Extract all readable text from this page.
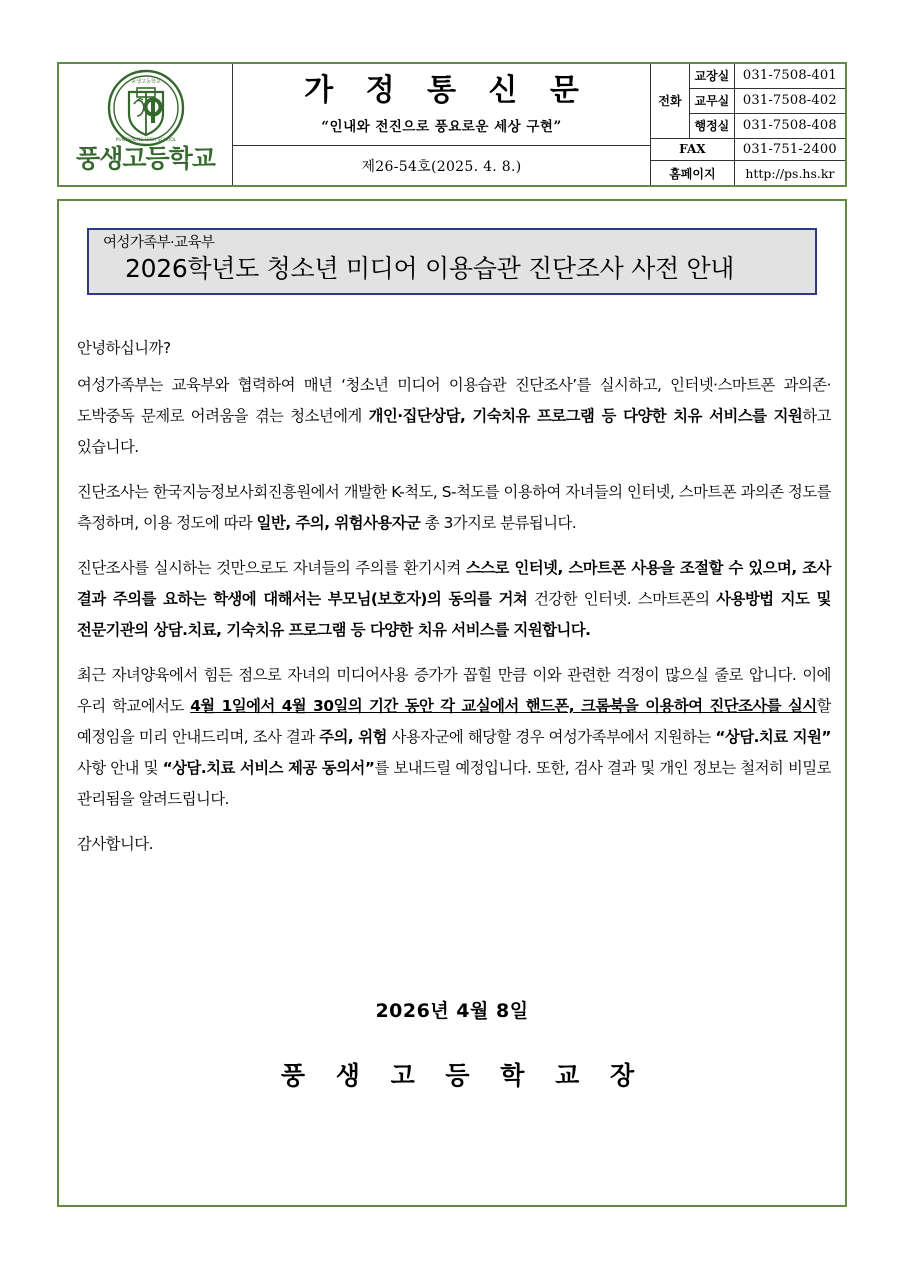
풍생고등학교
PUNGSAENG HIGH SCHOOL
풍생고등학교
가 정 통 신 문
“인내와 전진으로 풍요로운 세상 구현”
제26-54호(2025. 4. 8.)
전화	교장실	031-7508-401
	교무실	031-7508-402
	행정실	031-7508-408
FAX		031-751-2400
홈페이지		http://ps.hs.kr
여성가족부·교육부
2026학년도 청소년 미디어 이용습관 진단조사 사전 안내

안녕하십니까?

여성가족부는 교육부와 협력하여 매년 ‘청소년 미디어 이용습관 진단조사’를 실시하고, 인터넷·스마트폰 과의존·도박중독 문제로 어려움을 겪는 청소년에게 개인·집단상담, 기숙치유 프로그램 등 다양한 치유 서비스를 지원하고 있습니다.

진단조사는 한국지능정보사회진흥원에서 개발한 K-척도, S-척도를 이용하여 자녀들의 인터넷, 스마트폰 과의존 정도를 측정하며, 이용 정도에 따라 일반, 주의, 위험사용자군 총 3가지로 분류됩니다.

진단조사를 실시하는 것만으로도 자녀들의 주의를 환기시켜 스스로 인터넷, 스마트폰 사용을 조절할 수 있으며, 조사 결과 주의를 요하는 학생에 대해서는 부모님(보호자)의 동의를 거쳐 건강한 인터넷. 스마트폰의 사용방법 지도 및 전문기관의 상담.치료, 기숙치유 프로그램 등 다양한 치유 서비스를 지원합니다.

최근 자녀양육에서 힘든 점으로 자녀의 미디어사용 증가가 꼽힐 만큼 이와 관련한 걱정이 많으실 줄로 압니다. 이에 우리 학교에서도 4월 1일에서 4월 30일의 기간 동안 각 교실에서 핸드폰, 크롬북을 이용하여 진단조사를 실시할 예정임을 미리 안내드리며, 조사 결과 주의, 위험 사용자군에 해당할 경우 여성가족부에서 지원하는 “상담.치료 지원” 사항 안내 및 “상담.치료 서비스 제공 동의서”를 보내드릴 예정입니다. 또한, 검사 결과 및 개인 정보는 철저히 비밀로 관리됨을 알려드립니다.

감사합니다.

2026년 4월 8일
풍 생 고 등 학 교 장
